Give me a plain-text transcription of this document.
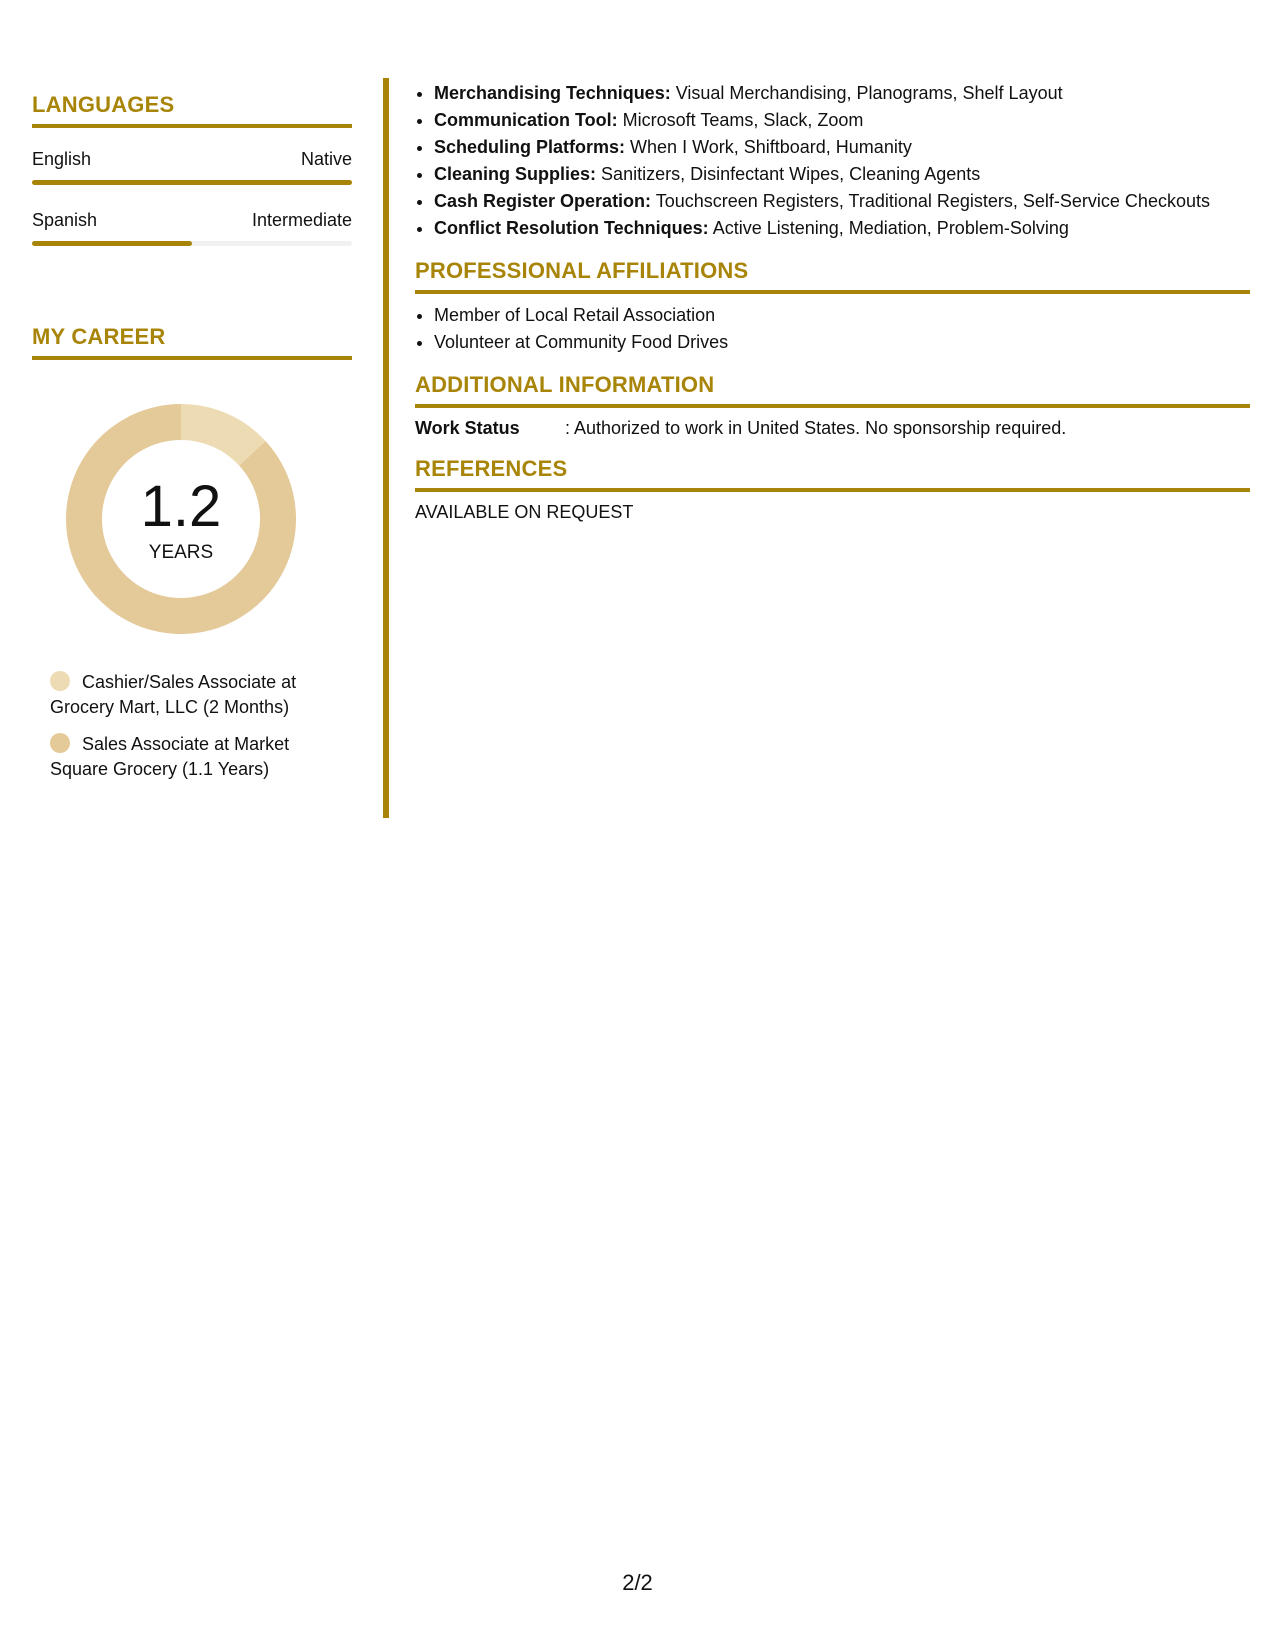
LANGUAGES
English	Native
Spanish	Intermediate
MY CAREER
1.2
YEARS
Cashier/Sales Associate at Grocery Mart, LLC (2 Months)
Sales Associate at Market Square Grocery (1.1 Years)
• Merchandising Techniques: Visual Merchandising, Planograms, Shelf Layout
• Communication Tool: Microsoft Teams, Slack, Zoom
• Scheduling Platforms: When I Work, Shiftboard, Humanity
• Cleaning Supplies: Sanitizers, Disinfectant Wipes, Cleaning Agents
• Cash Register Operation: Touchscreen Registers, Traditional Registers, Self-Service Checkouts
• Conflict Resolution Techniques: Active Listening, Mediation, Problem-Solving
PROFESSIONAL AFFILIATIONS
• Member of Local Retail Association
• Volunteer at Community Food Drives
ADDITIONAL INFORMATION
Work Status	: Authorized to work in United States. No sponsorship required.
REFERENCES
AVAILABLE ON REQUEST
2/2
